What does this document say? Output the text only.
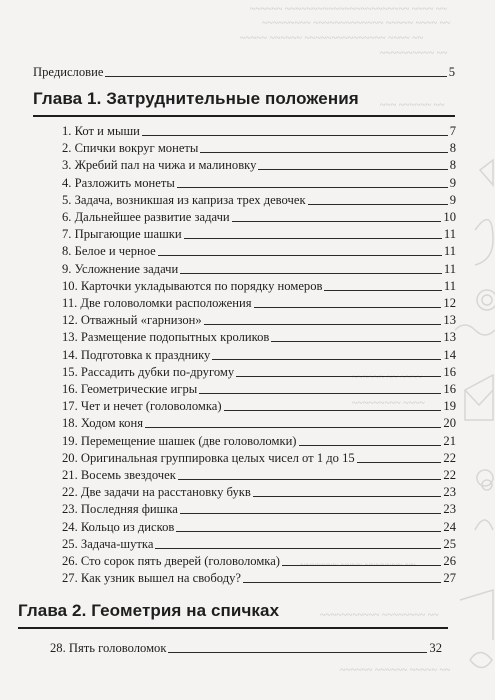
~~~~~~ ~~~~~~~~~~~~~~~~~~~~~~~ ~~~~ ~~
~~~~~~~~~ ~~~~~~~~~~~~~ ~~~~~ ~~~~ ~~
~~~~~ ~~~~~~ ~~~~~~~~~~~~~~~ ~~~~ ~~
~~~~~~~~~~ ~~
~~~ ~~~~~~ ~~
~~~~~~ ~~ ~~~~
~~~~~~~~~ ~~~~
~~~~~~~ ~~~~ ~~~~~~~ ~~
~~~~~~~~~~~ ~~~~~~~~ ~~
~~~~~~ ~~~~~~ ~~~~~ ~~
Предисловие	5
Глава 1. Затруднительные положения
1. Кот и мыши	7
2. Спички вокруг монеты	8
3. Жребий пал на чижа и малиновку	8
4. Разложить монеты	9
5. Задача, возникшая из каприза трех девочек	9
6. Дальнейшее развитие задачи	10
7. Прыгающие шашки	11
8. Белое и черное	11
9. Усложнение задачи	11
10. Карточки укладываются по порядку номеров	11
11. Две головоломки расположения	12
12. Отважный «гарнизон»	13
13. Размещение подопытных кроликов	13
14. Подготовка к празднику	14
15. Рассадить дубки по-другому	16
16. Геометрические игры	16
17. Чет и нечет (головоломка)	19
18. Ходом коня	20
19. Перемещение шашек (две головоломки)	21
20. Оригинальная группировка целых чисел от 1 до 15	22
21. Восемь звездочек	22
22. Две задачи на расстановку букв	23
23. Последняя фишка	23
24. Кольцо из дисков	24
25. Задача-шутка	25
26. Сто сорок пять дверей (головоломка)	26
27. Как узник вышел на свободу?	27
Глава 2. Геометрия на спичках
28. Пять головоломок	32
